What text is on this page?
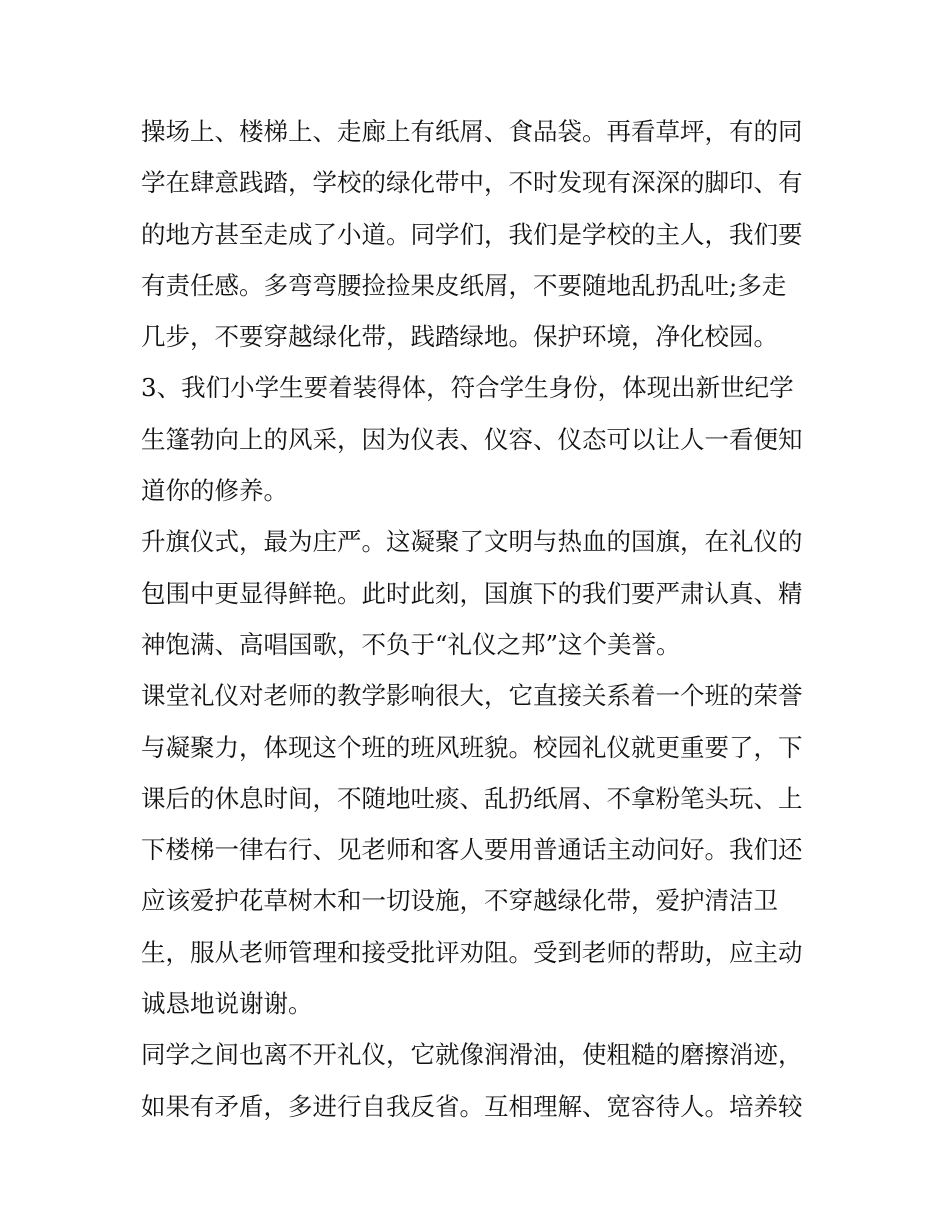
操场上、楼梯上、走廊上有纸屑、食品袋。再看草坪，有的同
学在肆意践踏，学校的绿化带中，不时发现有深深的脚印、有
的地方甚至走成了小道。同学们，我们是学校的主人，我们要
有责任感。多弯弯腰捡捡果皮纸屑，不要随地乱扔乱吐;多走
几步，不要穿越绿化带，践踏绿地。保护环境，净化校园。
3、我们小学生要着装得体，符合学生身份，体现出新世纪学
生篷勃向上的风采，因为仪表、仪容、仪态可以让人一看便知
道你的修养。
升旗仪式，最为庄严。这凝聚了文明与热血的国旗，在礼仪的
包围中更显得鲜艳。此时此刻，国旗下的我们要严肃认真、精
神饱满、高唱国歌，不负于“礼仪之邦”这个美誉。
课堂礼仪对老师的教学影响很大，它直接关系着一个班的荣誉
与凝聚力，体现这个班的班风班貌。校园礼仪就更重要了，下
课后的休息时间，不随地吐痰、乱扔纸屑、不拿粉笔头玩、上
下楼梯一律右行、见老师和客人要用普通话主动问好。我们还
应该爱护花草树木和一切设施，不穿越绿化带，爱护清洁卫
生，服从老师管理和接受批评劝阻。受到老师的帮助，应主动
诚恳地说谢谢。
同学之间也离不开礼仪，它就像润滑油，使粗糙的磨擦消迹，
如果有矛盾，多进行自我反省。互相理解、宽容待人。培养较
